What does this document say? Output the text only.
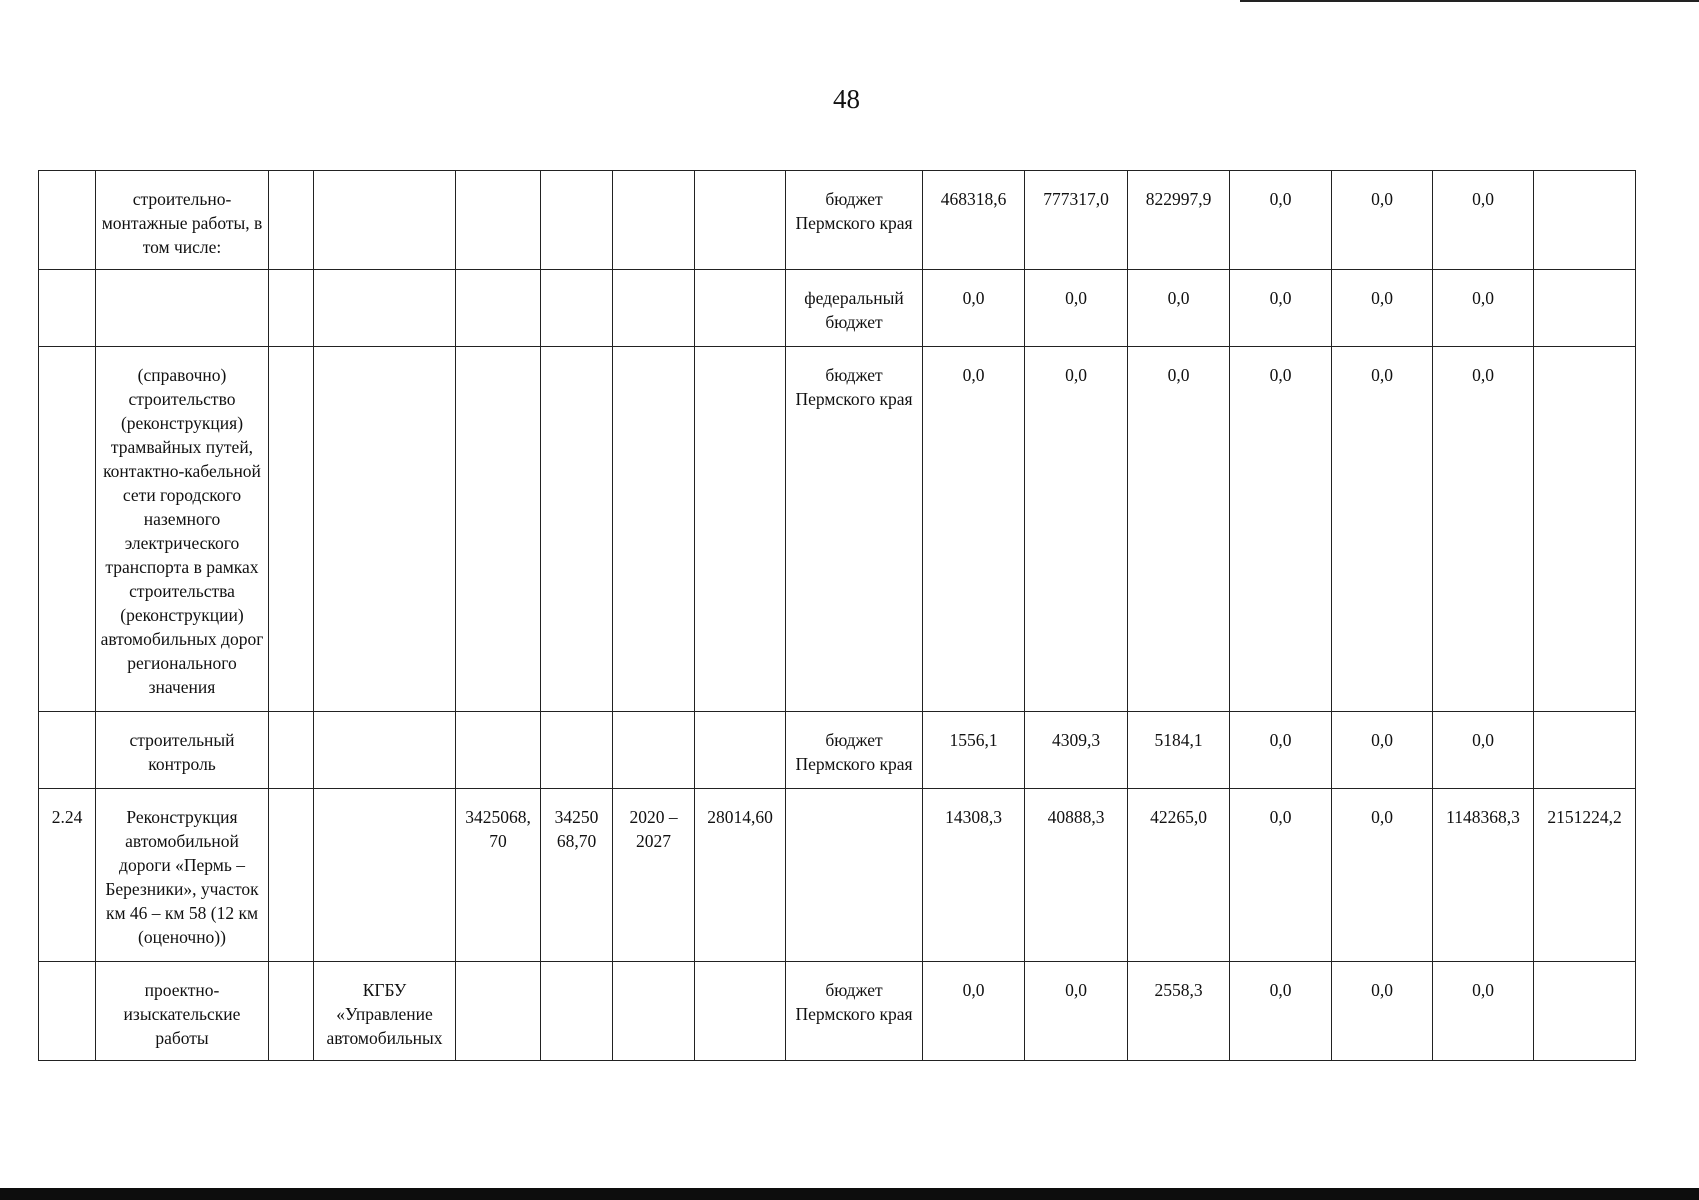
48
	строительно-монтажные работы, в том числе:							бюджет Пермского края	468318,6	777317,0	822997,9	0,0	0,0	0,0	
								федеральный бюджет	0,0	0,0	0,0	0,0	0,0	0,0	
	(справочно) строительство (реконструкция) трамвайных путей, контактно-кабельной сети городского наземного электрического транспорта в рамках строительства (реконструкции) автомобильных дорог регионального значения							бюджет Пермского края	0,0	0,0	0,0	0,0	0,0	0,0	
	строительный контроль							бюджет Пермского края	1556,1	4309,3	5184,1	0,0	0,0	0,0	
2.24	Реконструкция автомобильной дороги «Пермь – Березники», участок км 46 – км 58 (12 км (оценочно))			3425068, 70	34250 68,70	2020 – 2027	28014,60		14308,3	40888,3	42265,0	0,0	0,0	1148368,3	2151224,2
	проектно-изыскательские работы		КГБУ «Управление автомобильных					бюджет Пермского края	0,0	0,0	2558,3	0,0	0,0	0,0	
